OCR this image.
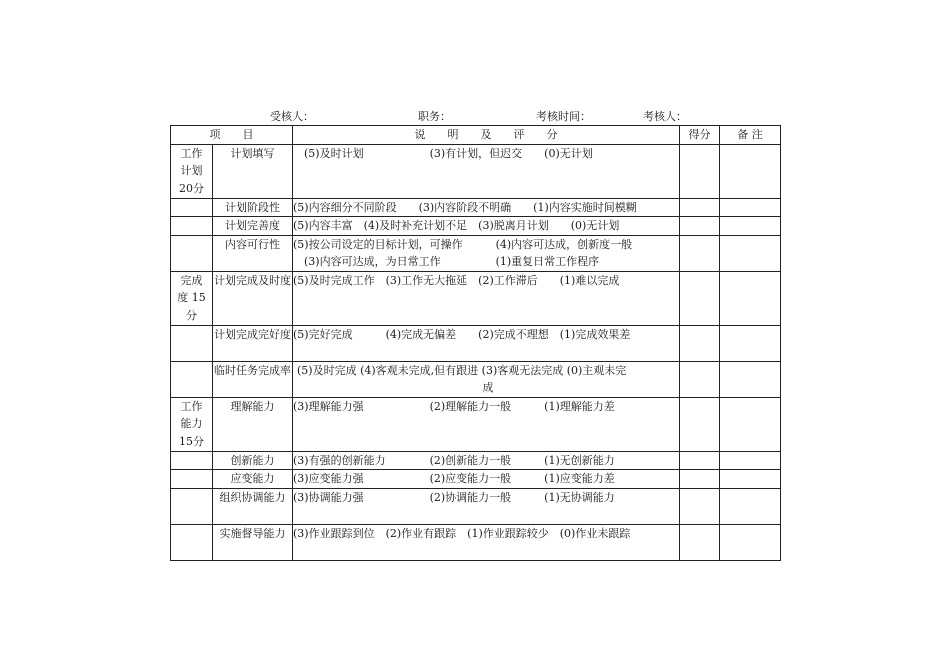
受核人：	职务：	考核时间：	考核人：
项　　目		说　　明　　及　　评　　分	得分	备 注

工作
计划
20分	计划填写	　(5)及时计划　　　　　　(3)有计划，但迟交　　(0)无计划		
	计划阶段性	(5)内容细分不同阶段　　(3)内容阶段不明确　　(1)内容实施时间模糊		
	计划完善度	(5)内容丰富　(4)及时补充计划不足　(3)脱离月计划　　(0)无计划		
	内容可行性	(5)按公司设定的目标计划，可操作　　　(4)内容可达成，创新度一般
　(3)内容可达成，为日常工作　　　　　(1)重复日常工作程序		

完成
度 15
分	计划完成及时度	(5)及时完成工作　(3)工作无大拖延　(2)工作滞后　　(1)难以完成		
	计划完成完好度	(5)完好完成　　　(4)完成无偏差　　(2)完成不理想　(1)完成效果差		
	临时任务完成率	(5)及时完成 (4)客观未完成,但有跟进 (3)客观无法完成 (0)主观未完
成		

工作
能力
15分	理解能力	(3)理解能力强　　　　　　(2)理解能力一般　　　(1)理解能力差		
	创新能力	(3)有强的创新能力　　　　(2)创新能力一般　　　(1)无创新能力		
	应变能力	(3)应变能力强　　　　　　(2)应变能力一般　　　(1)应变能力差		
	组织协调能力	(3)协调能力强　　　　　　(2)协调能力一般　　　(1)无协调能力		
	实施督导能力	(3)作业跟踪到位　(2)作业有跟踪　(1)作业跟踪较少　(0)作业未跟踪		
